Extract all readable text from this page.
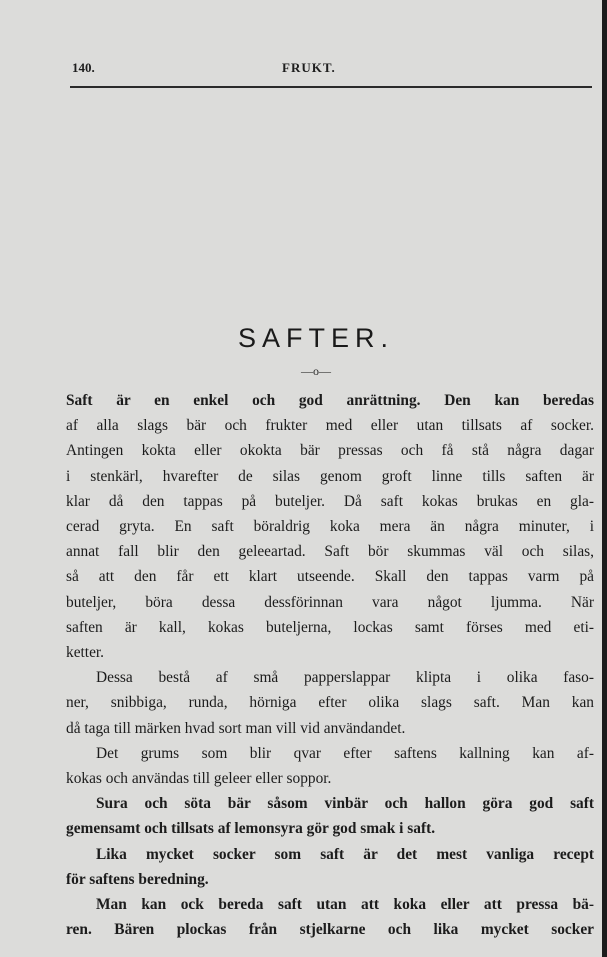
140.	FRUKT.
SAFTER.
—o—
Saft är en enkel och god anrättning. Den kan beredas
af alla slags bär och frukter med eller utan tillsats af socker.
Antingen kokta eller okokta bär pressas och få stå några dagar
i stenkärl, hvarefter de silas genom groft linne tills saften är
klar då den tappas på buteljer. Då saft kokas brukas en gla-
cerad gryta. En saft böraldrig koka mera än några minuter, i
annat fall blir den geleeartad. Saft bör skummas väl och silas,
så att den får ett klart utseende. Skall den tappas varm på
buteljer, böra dessa dessförinnan vara något ljumma. När
saften är kall, kokas buteljerna, lockas samt förses med eti-
ketter.
Dessa bestå af små papperslappar klipta i olika faso-
ner, snibbiga, runda, hörniga efter olika slags saft. Man kan
då taga till märken hvad sort man vill vid användandet.
Det grums som blir qvar efter saftens kallning kan af-
kokas och användas till geleer eller soppor.
Sura och söta bär såsom vinbär och hallon göra god saft
gemensamt och tillsats af lemonsyra gör god smak i saft.
Lika mycket socker som saft är det mest vanliga recept
för saftens beredning.
Man kan ock bereda saft utan att koka eller att pressa bä-
ren. Bären plockas från stjelkarne och lika mycket socker
